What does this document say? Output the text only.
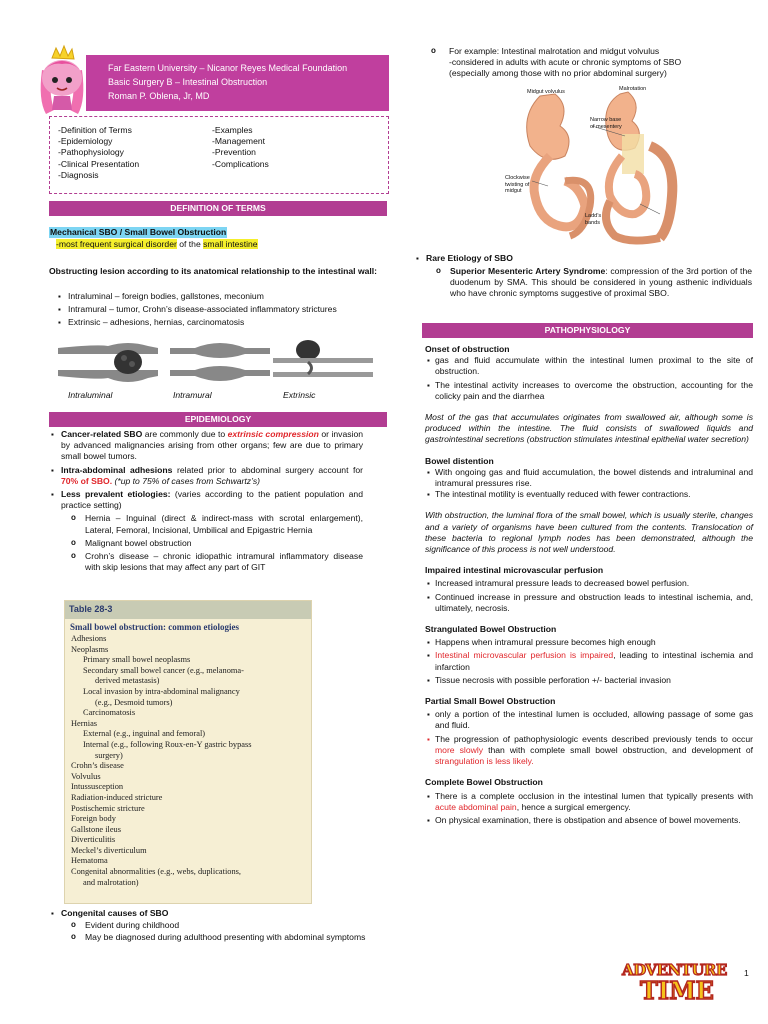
Far Eastern University – Nicanor Reyes Medical Foundation
Basic Surgery B – Intestinal Obstruction
Roman P. Oblena, Jr, MD
-Definition of Terms
-Epidemiology
-Pathophysiology
-Clinical Presentation
-Diagnosis
-Examples
-Management
-Prevention
-Complications
DEFINITION OF TERMS
Mechanical SBO / Small Bowel Obstruction
-most frequent surgical disorder of the small intestine
Obstructing lesion according to its anatomical relationship to the intestinal wall:
▪ Intraluminal – foreign bodies, gallstones, meconium
▪ Intramural – tumor, Crohn’s disease-associated inflammatory strictures
▪ Extrinsic – adhesions, hernias, carcinomatosis
Intraluminal	Intramural	Extrinsic
EPIDEMIOLOGY
▪ Cancer-related SBO are commonly due to extrinsic compression or invasion by advanced malignancies arising from other organs; few are due to primary small bowel tumors.
▪ Intra-abdominal adhesions related prior to abdominal surgery account for 70% of SBO. (*up to 75% of cases from Schwartz’s)
▪ Less prevalent etiologies: (varies according to the patient population and practice setting)
o Hernia – Inguinal (direct & indirect-mass with scrotal enlargement), Lateral, Femoral, Incisional, Umbilical and Epigastric Hernia
o Malignant bowel obstruction
o Crohn’s disease – chronic idiopathic intramural inflammatory disease with skip lesions that may affect any part of GIT
Table 28-3
Small bowel obstruction: common etiologies
Adhesions
Neoplasms
Primary small bowel neoplasms
Secondary small bowel cancer (e.g., melanoma-
derived metastasis)
Local invasion by intra-abdominal malignancy
(e.g., Desmoid tumors)
Carcinomatosis
Hernias
External (e.g., inguinal and femoral)
Internal (e.g., following Roux-en-Y gastric bypass
surgery)
Crohn’s disease
Volvulus
Intussusception
Radiation-induced stricture
Postischemic stricture
Foreign body
Gallstone ileus
Diverticulitis
Meckel’s diverticulum
Hematoma
Congenital abnormalities (e.g., webs, duplications,
and malrotation)
▪ Congenital causes of SBO
o Evident during childhood
o May be diagnosed during adulthood presenting with abdominal symptoms
o For example: Intestinal malrotation and midgut volvulus
-considered in adults with acute or chronic symptoms of SBO
(especially among those with no prior abdominal surgery)
Midgut volvulus	Malrotation
Narrow base of mesentery
Clockwise twisting of midgut
Ladd’s bands
▪ Rare Etiology of SBO
o Superior Mesenteric Artery Syndrome: compression of the 3rd portion of the duodenum by SMA. This should be considered in young asthenic individuals who have chronic symptoms suggestive of proximal SBO.
PATHOPHYSIOLOGY
Onset of obstruction
▪ gas and fluid accumulate within the intestinal lumen proximal to the site of obstruction.
▪ The intestinal activity increases to overcome the obstruction, accounting for the colicky pain and the diarrhea
Most of the gas that accumulates originates from swallowed air, although some is produced within the intestine. The fluid consists of swallowed liquids and gastrointestinal secretions (obstruction stimulates intestinal epithelial water secretion)
Bowel distention
▪ With ongoing gas and fluid accumulation, the bowel distends and intraluminal and intramural pressures rise.
▪ The intestinal motility is eventually reduced with fewer contractions.
With obstruction, the luminal flora of the small bowel, which is usually sterile, changes and a variety of organisms have been cultured from the contents. Translocation of these bacteria to regional lymph nodes has been demonstrated, although the significance of this process is not well understood.
Impaired intestinal microvascular perfusion
▪ Increased intramural pressure leads to decreased bowel perfusion.
▪ Continued increase in pressure and obstruction leads to intestinal ischemia, and, ultimately, necrosis.
Strangulated Bowel Obstruction
▪ Happens when intramural pressure becomes high enough
▪ Intestinal microvascular perfusion is impaired, leading to intestinal ischemia and infarction
▪ Tissue necrosis with possible perforation +/- bacterial invasion
Partial Small Bowel Obstruction
▪ only a portion of the intestinal lumen is occluded, allowing passage of some gas and fluid.
▪ The progression of pathophysiologic events described previously tends to occur more slowly than with complete small bowel obstruction, and development of strangulation is less likely.
Complete Bowel Obstruction
▪ There is a complete occlusion in the intestinal lumen that typically presents with acute abdominal pain, hence a surgical emergency.
▪ On physical examination, there is obstipation and absence of bowel movements.
ADVENTURE
TIME
1
